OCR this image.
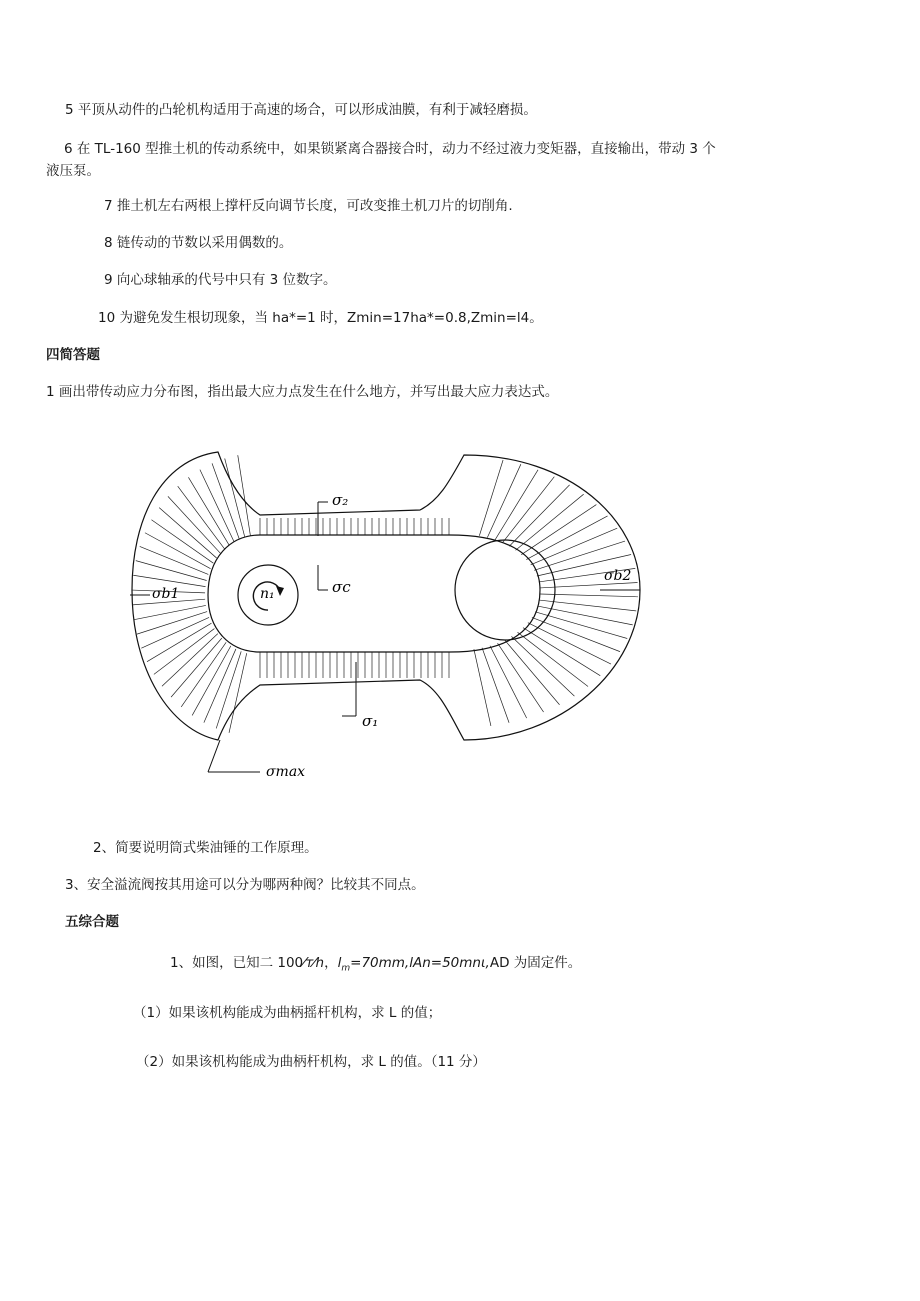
5 平顶从动件的凸轮机构适用于高速的场合，可以形成油膜，有利于减轻磨损。
6 在 TL-160 型推土机的传动系统中，如果锁紧离合器接合时，动力不经过液力变矩器，直接输出，带动 3 个液压泵。
7 推土机左右两根上撑杆反向调节长度，可改变推土机刀片的切削角.
8 链传动的节数以采用偶数的。
9 向心球轴承的代号中只有 3 位数字。
10 为避免发生根切现象，当 ha*=1 时，Zmin=17ha*=0.8,Zmin=l4。
四简答题
1 画出带传动应力分布图，指出最大应力点发生在什么地方，并写出最大应力表达式。
σ₂
σc
σb1
σb2
n₁
σ₁
σmax
2、简要说明筒式柴油锤的工作原理。
3、安全溢流阀按其用途可以分为哪两种阀？比较其不同点。
五综合题
1、如图，已知二 100⁄ᴛ⁄h，$l_m=70mm,lAn=50mn\iota,AD$ 为固定件。
（1）如果该机构能成为曲柄摇杆机构，求 L 的值；
（2）如果该机构能成为曲柄杆机构，求 L 的值。（11 分）
